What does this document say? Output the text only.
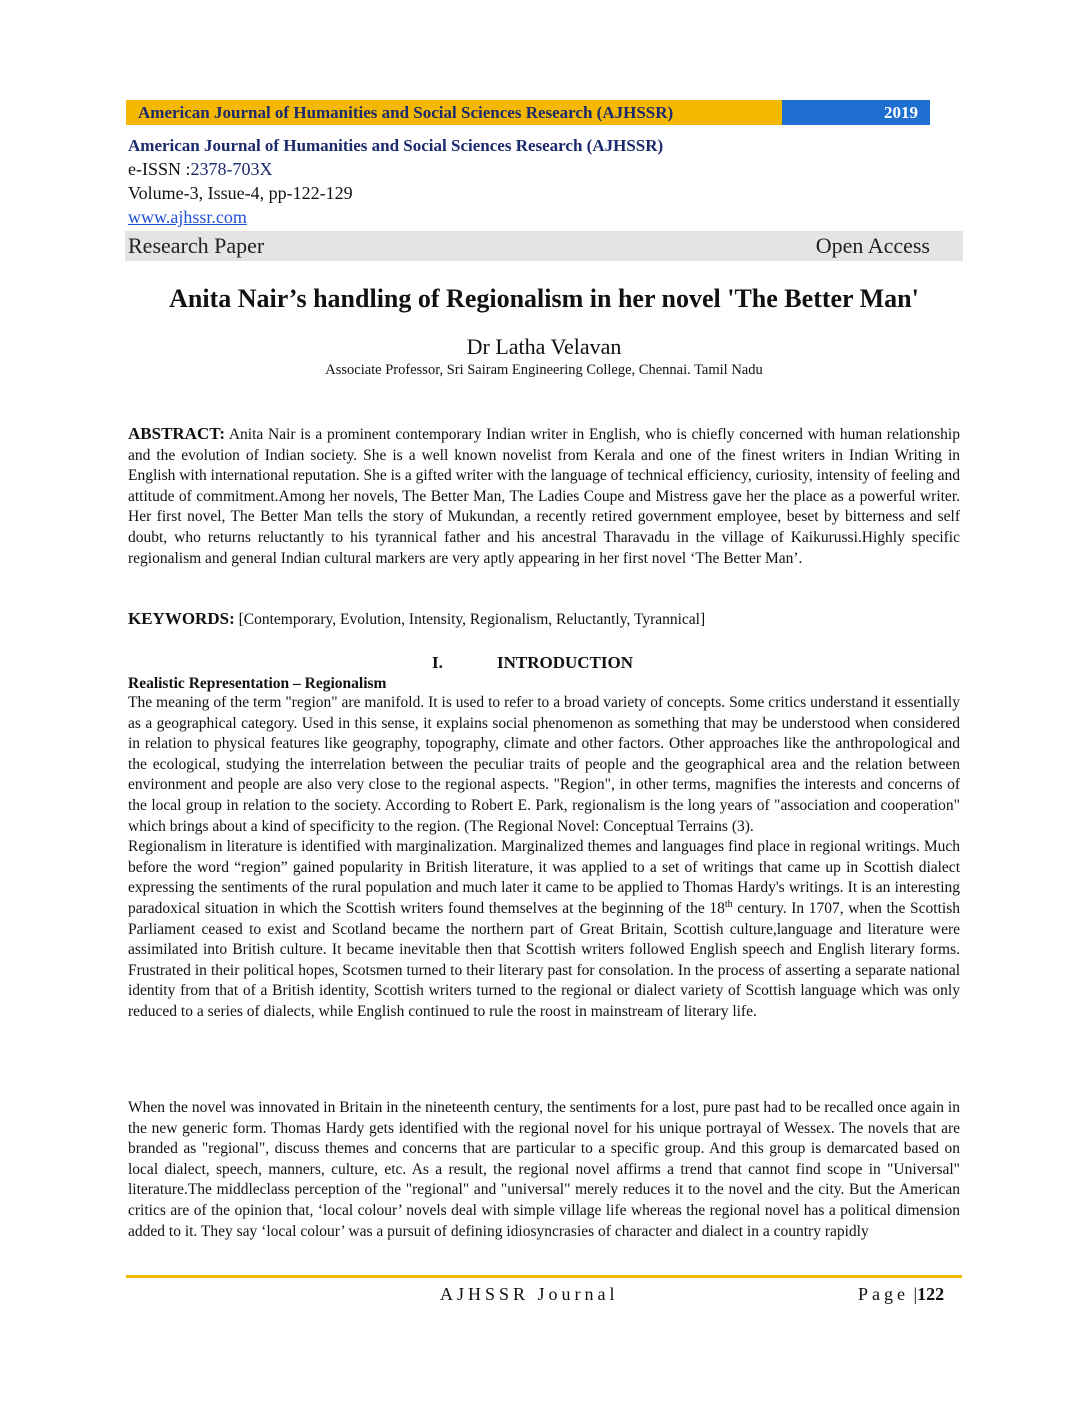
American Journal of Humanities and Social Sciences Research (AJHSSR)	2019
American Journal of Humanities and Social Sciences Research (AJHSSR)
e-ISSN :2378-703X
Volume-3, Issue-4, pp-122-129
www.ajhssr.com
Research Paper	Open Access
Anita Nair’s handling of Regionalism in her novel 'The Better Man'
Dr Latha Velavan
Associate Professor, Sri Sairam Engineering College, Chennai. Tamil Nadu

ABSTRACT: Anita Nair is a prominent contemporary Indian writer in English, who is chiefly concerned with human relationship and the evolution of Indian society. She is a well known novelist from Kerala and one of the finest writers in Indian Writing in English with international reputation. She is a gifted writer with the language of technical efficiency, curiosity, intensity of feeling and attitude of commitment.Among her novels, The Better Man, The Ladies Coupe and Mistress gave her the place as a powerful writer. Her first novel, The Better Man tells the story of Mukundan, a recently retired government employee, beset by bitterness and self doubt, who returns reluctantly to his tyrannical father and his ancestral Tharavadu in the village of Kaikurussi.Highly specific regionalism and general Indian cultural markers are very aptly appearing in her first novel ‘The Better Man’.

KEYWORDS: [Contemporary, Evolution, Intensity, Regionalism, Reluctantly, Tyrannical]

I.	INTRODUCTION
Realistic Representation – Regionalism

The meaning of the term "region" are manifold. It is used to refer to a broad variety of concepts. Some critics understand it essentially as a geographical category. Used in this sense, it explains social phenomenon as something that may be understood when considered in relation to physical features like geography, topography, climate and other factors. Other approaches like the anthropological and the ecological, studying the interrelation between the peculiar traits of people and the geographical area and the relation between environment and people are also very close to the regional aspects. "Region", in other terms, magnifies the interests and concerns of the local group in relation to the society. According to Robert E. Park, regionalism is the long years of "association and cooperation" which brings about a kind of specificity to the region. (The Regional Novel: Conceptual Terrains (3).

Regionalism in literature is identified with marginalization. Marginalized themes and languages find place in regional writings. Much before the word “region” gained popularity in British literature, it was applied to a set of writings that came up in Scottish dialect expressing the sentiments of the rural population and much later it came to be applied to Thomas Hardy's writings. It is an interesting paradoxical situation in which the Scottish writers found themselves at the beginning of the 18th century. In 1707, when the Scottish Parliament ceased to exist and Scotland became the northern part of Great Britain, Scottish culture,language and literature were assimilated into British culture. It became inevitable then that Scottish writers followed English speech and English literary forms. Frustrated in their political hopes, Scotsmen turned to their literary past for consolation. In the process of asserting a separate national identity from that of a British identity, Scottish writers turned to the regional or dialect variety of Scottish language which was only reduced to a series of dialects, while English continued to rule the roost in mainstream of literary life.

When the novel was innovated in Britain in the nineteenth century, the sentiments for a lost, pure past had to be recalled once again in the new generic form. Thomas Hardy gets identified with the regional novel for his unique portrayal of Wessex. The novels that are branded as "regional", discuss themes and concerns that are particular to a specific group. And this group is demarcated based on local dialect, speech, manners, culture, etc. As a result, the regional novel affirms a trend that cannot find scope in "Universal" literature.The middleclass perception of the "regional" and "universal" merely reduces it to the novel and the city. But the American critics are of the opinion that, ‘local colour’ novels deal with simple village life whereas the regional novel has a political dimension added to it. They say ‘local colour’ was a pursuit of defining idiosyncrasies of character and dialect in a country rapidly

AJHSSR Journal	Page |122
